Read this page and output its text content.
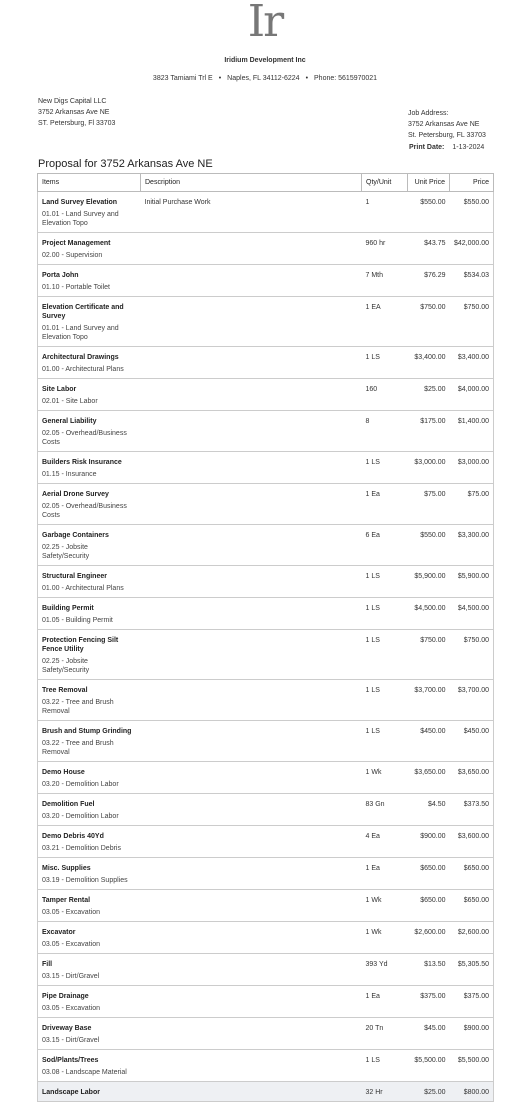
Ir
Iridium Development Inc
3823 Tamiami Trl E • Naples, FL 34112-6224 • Phone: 5615970021
New Digs Capital LLC
3752 Arkansas Ave NE
ST. Petersburg, Fl 33703
Job Address:
3752 Arkansas Ave NE
St. Petersburg, FL 33703
Print Date: 1-13-2024
Proposal for 3752 Arkansas Ave NE
Items	Description	Qty/Unit	Unit Price	Price

Land Survey Elevation
01.01 - Land Survey and Elevation Topo	Initial Purchase Work	1	$550.00	$550.00

Project Management
02.00 - Supervision		960 hr	$43.75	$42,000.00

Porta John
01.10 - Portable Toilet		7 Mth	$76.29	$534.03

Elevation Certificate and Survey
01.01 - Land Survey and Elevation Topo		1 EA	$750.00	$750.00

Architectural Drawings
01.00 - Architectural Plans		1 LS	$3,400.00	$3,400.00

Site Labor
02.01 - Site Labor		160	$25.00	$4,000.00

General Liability
02.05 - Overhead/Business Costs		8	$175.00	$1,400.00

Builders Risk Insurance
01.15 - Insurance		1 LS	$3,000.00	$3,000.00

Aerial Drone Survey
02.05 - Overhead/Business Costs		1 Ea	$75.00	$75.00

Garbage Containers
02.25 - Jobsite Safety/Security		6 Ea	$550.00	$3,300.00

Structural Engineer
01.00 - Architectural Plans		1 LS	$5,900.00	$5,900.00

Building Permit
01.05 - Building Permit		1 LS	$4,500.00	$4,500.00

Protection Fencing Silt Fence Utility
02.25 - Jobsite Safety/Security		1 LS	$750.00	$750.00

Tree Removal
03.22 - Tree and Brush Removal		1 LS	$3,700.00	$3,700.00

Brush and Stump Grinding
03.22 - Tree and Brush Removal		1 LS	$450.00	$450.00

Demo House
03.20 - Demolition Labor		1 Wk	$3,650.00	$3,650.00

Demolition Fuel
03.20 - Demolition Labor		83 Gn	$4.50	$373.50

Demo Debris 40Yd
03.21 - Demolition Debris		4 Ea	$900.00	$3,600.00

Misc. Supplies
03.19 - Demolition Supplies		1 Ea	$650.00	$650.00

Tamper Rental
03.05 - Excavation		1 Wk	$650.00	$650.00

Excavator
03.05 - Excavation		1 Wk	$2,600.00	$2,600.00

Fill
03.15 - Dirt/Gravel		393 Yd	$13.50	$5,305.50

Pipe Drainage
03.05 - Excavation		1 Ea	$375.00	$375.00

Driveway Base
03.15 - Dirt/Gravel		20 Tn	$45.00	$900.00

Sod/Plants/Trees
03.08 - Landscape Material		1 LS	$5,500.00	$5,500.00

Landscape Labor		32 Hr	$25.00	$800.00
